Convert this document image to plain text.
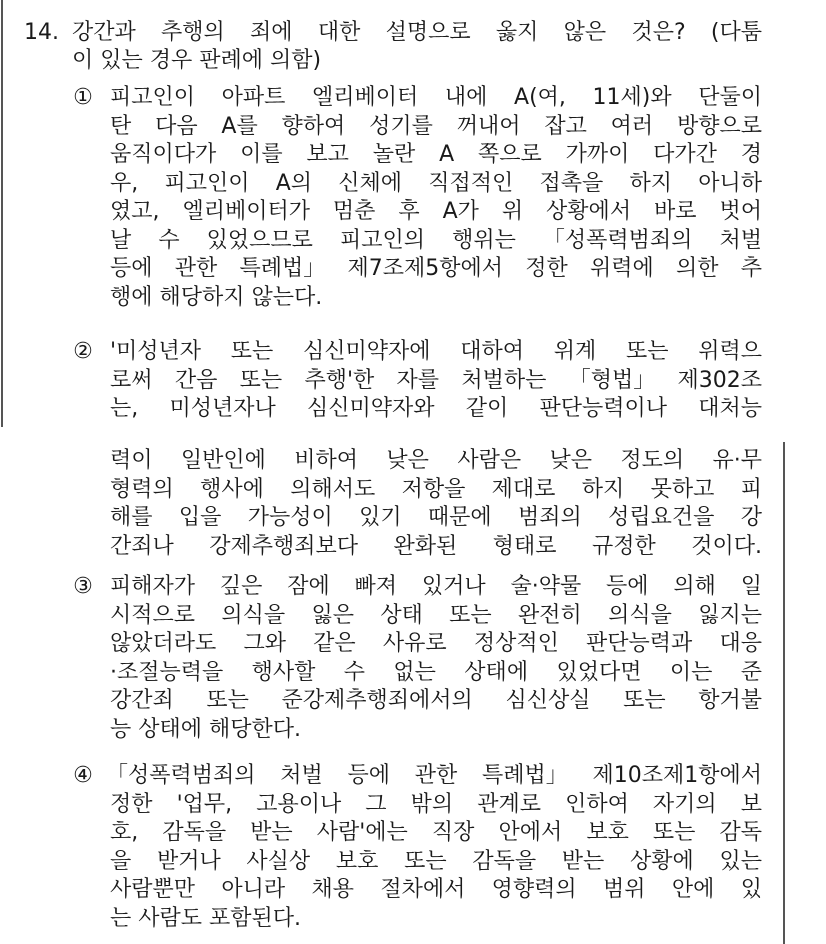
14. 강간과 추행의 죄에 대한 설명으로 옳지 않은 것은? (다툼
이 있는 경우 판례에 의함)
① 피고인이 아파트 엘리베이터 내에 A(여, 11세)와 단둘이
탄 다음 A를 향하여 성기를 꺼내어 잡고 여러 방향으로
움직이다가 이를 보고 놀란 A 쪽으로 가까이 다가간 경
우, 피고인이 A의 신체에 직접적인 접촉을 하지 아니하
였고, 엘리베이터가 멈춘 후 A가 위 상황에서 바로 벗어
날 수 있었으므로 피고인의 행위는 「성폭력범죄의 처벌
등에 관한 특례법」 제7조제5항에서 정한 위력에 의한 추
행에 해당하지 않는다.
② '미성년자 또는 심신미약자에 대하여 위계 또는 위력으
로써 간음 또는 추행'한 자를 처벌하는 「형법」 제302조
는, 미성년자나 심신미약자와 같이 판단능력이나 대처능
력이 일반인에 비하여 낮은 사람은 낮은 정도의 유·무
형력의 행사에 의해서도 저항을 제대로 하지 못하고 피
해를 입을 가능성이 있기 때문에 범죄의 성립요건을 강
간죄나 강제추행죄보다 완화된 형태로 규정한 것이다.
③ 피해자가 깊은 잠에 빠져 있거나 술·약물 등에 의해 일
시적으로 의식을 잃은 상태 또는 완전히 의식을 잃지는
않았더라도 그와 같은 사유로 정상적인 판단능력과 대응
·조절능력을 행사할 수 없는 상태에 있었다면 이는 준
강간죄 또는 준강제추행죄에서의 심신상실 또는 항거불
능 상태에 해당한다.
④ 「성폭력범죄의 처벌 등에 관한 특례법」 제10조제1항에서
정한 '업무, 고용이나 그 밖의 관계로 인하여 자기의 보
호, 감독을 받는 사람'에는 직장 안에서 보호 또는 감독
을 받거나 사실상 보호 또는 감독을 받는 상황에 있는
사람뿐만 아니라 채용 절차에서 영향력의 범위 안에 있
는 사람도 포함된다.
